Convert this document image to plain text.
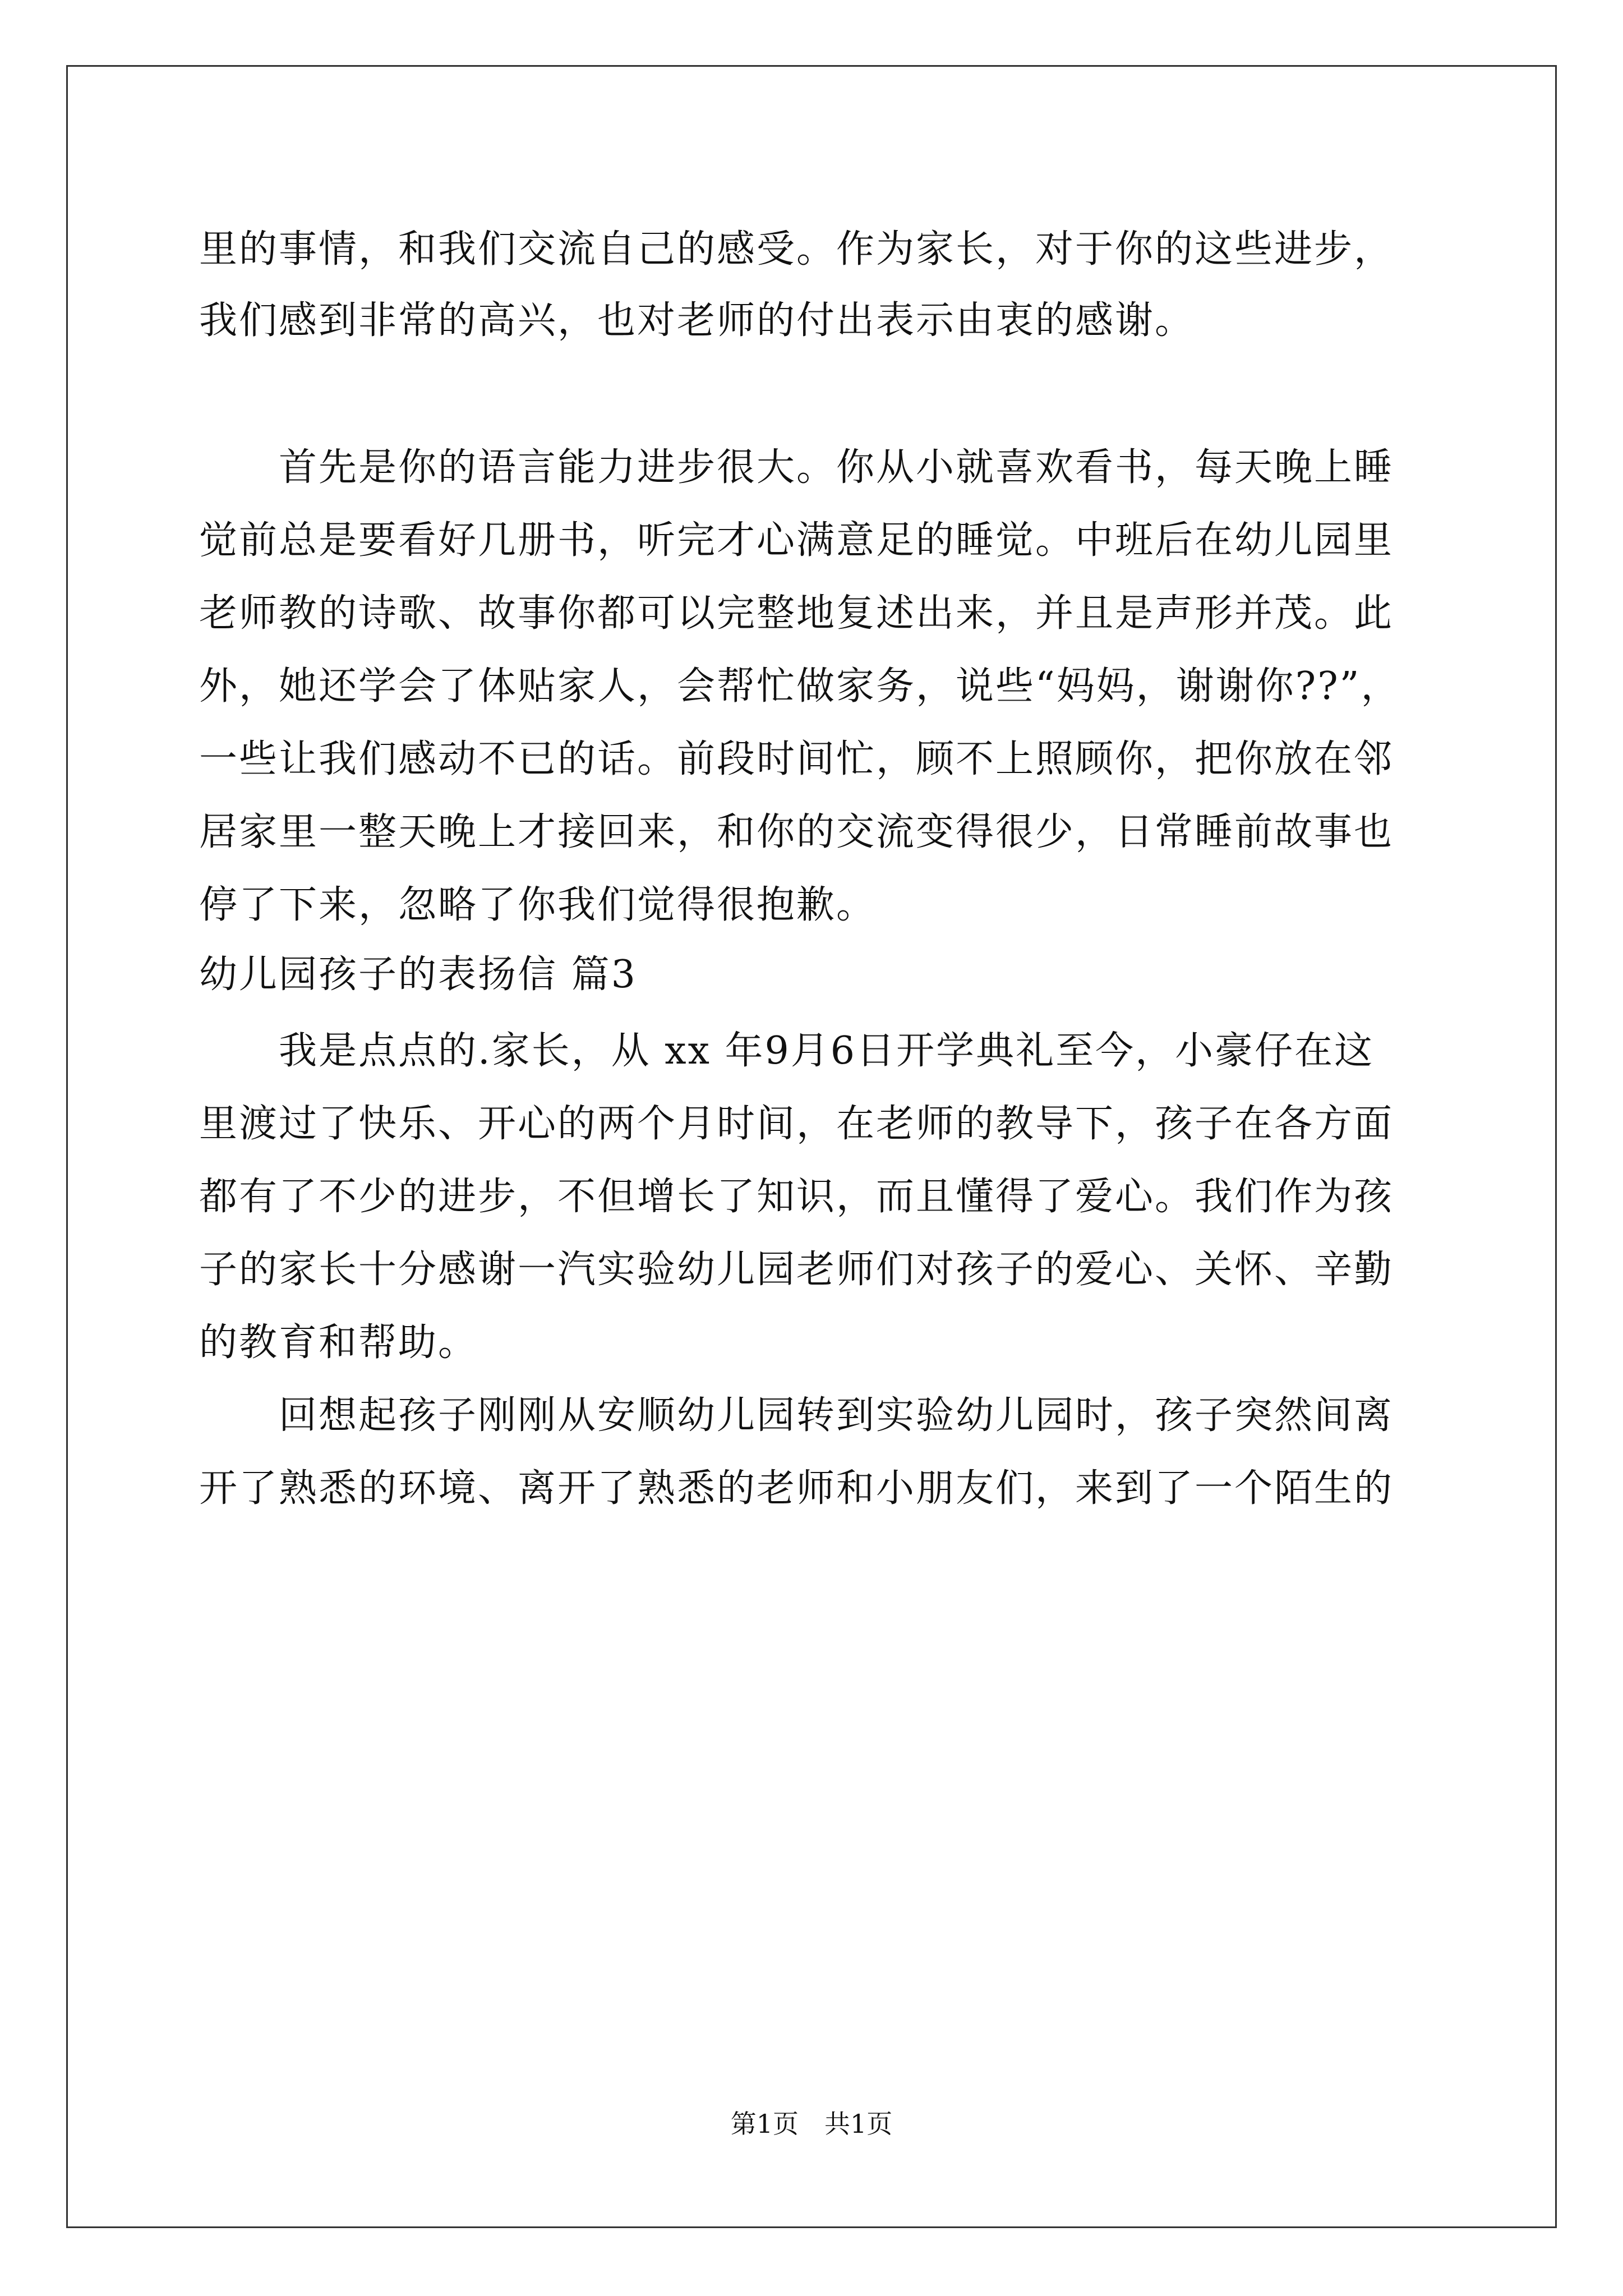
里的事情，和我们交流自己的感受。作为家长，对于你的这些进步，
我们感到非常的高兴，也对老师的付出表示由衷的感谢。
　　首先是你的语言能力进步很大。你从小就喜欢看书，每天晚上睡
觉前总是要看好几册书，听完才心满意足的睡觉。中班后在幼儿园里
老师教的诗歌、故事你都可以完整地复述出来，并且是声形并茂。此
外，她还学会了体贴家人，会帮忙做家务，说些“妈妈，谢谢你??”，
一些让我们感动不已的话。前段时间忙，顾不上照顾你，把你放在邻
居家里一整天晚上才接回来，和你的交流变得很少，日常睡前故事也
停了下来，忽略了你我们觉得很抱歉。
幼儿园孩子的表扬信 篇3
　　我是点点的.家长，从 xx 年9月6日开学典礼至今，小豪仔在这
里渡过了快乐、开心的两个月时间，在老师的教导下，孩子在各方面
都有了不少的进步，不但增长了知识，而且懂得了爱心。我们作为孩
子的家长十分感谢一汽实验幼儿园老师们对孩子的爱心、关怀、辛勤
的教育和帮助。
　　回想起孩子刚刚从安顺幼儿园转到实验幼儿园时，孩子突然间离
开了熟悉的环境、离开了熟悉的老师和小朋友们，来到了一个陌生的
第1页　共1页
